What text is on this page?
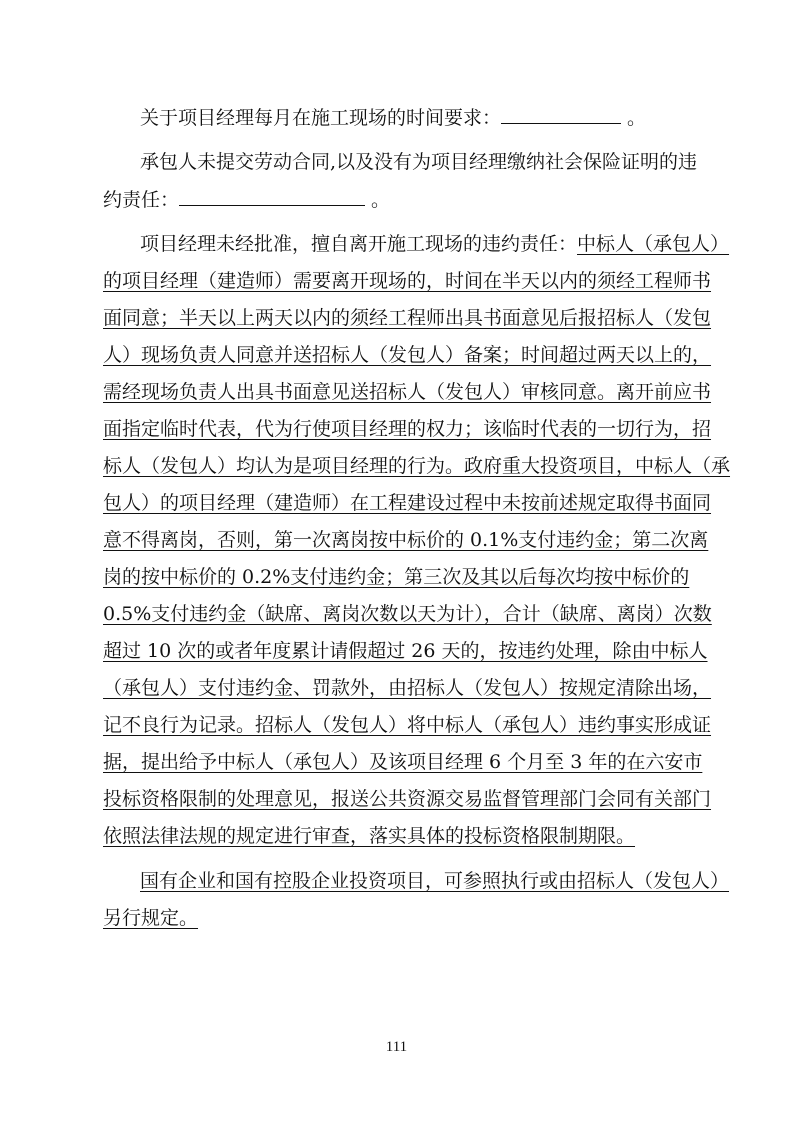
关于项目经理每月在施工现场的时间要求：	。
承包人未提交劳动合同,以及没有为项目经理缴纳社会保险证明的违
约责任：	。
项目经理未经批准，擅自离开施工现场的违约责任：中标人（承包人）
的项目经理（建造师）需要离开现场的，时间在半天以内的须经工程师书
面同意；半天以上两天以内的须经工程师出具书面意见后报招标人（发包
人）现场负责人同意并送招标人（发包人）备案；时间超过两天以上的，
需经现场负责人出具书面意见送招标人（发包人）审核同意。离开前应书
面指定临时代表，代为行使项目经理的权力；该临时代表的一切行为，招
标人（发包人）均认为是项目经理的行为。政府重大投资项目，中标人（承
包人）的项目经理（建造师）在工程建设过程中未按前述规定取得书面同
意不得离岗，否则，第一次离岗按中标价的 0.1%支付违约金；第二次离
岗的按中标价的 0.2%支付违约金；第三次及其以后每次均按中标价的
0.5%支付违约金（缺席、离岗次数以天为计），合计（缺席、离岗）次数
超过 10 次的或者年度累计请假超过 26 天的，按违约处理，除由中标人
（承包人）支付违约金、罚款外，由招标人（发包人）按规定清除出场，
记不良行为记录。招标人（发包人）将中标人（承包人）违约事实形成证
据，提出给予中标人（承包人）及该项目经理 6 个月至 3 年的在六安市
投标资格限制的处理意见，报送公共资源交易监督管理部门会同有关部门
依照法律法规的规定进行审查，落实具体的投标资格限制期限。
国有企业和国有控股企业投资项目，可参照执行或由招标人（发包人）
另行规定。
111
